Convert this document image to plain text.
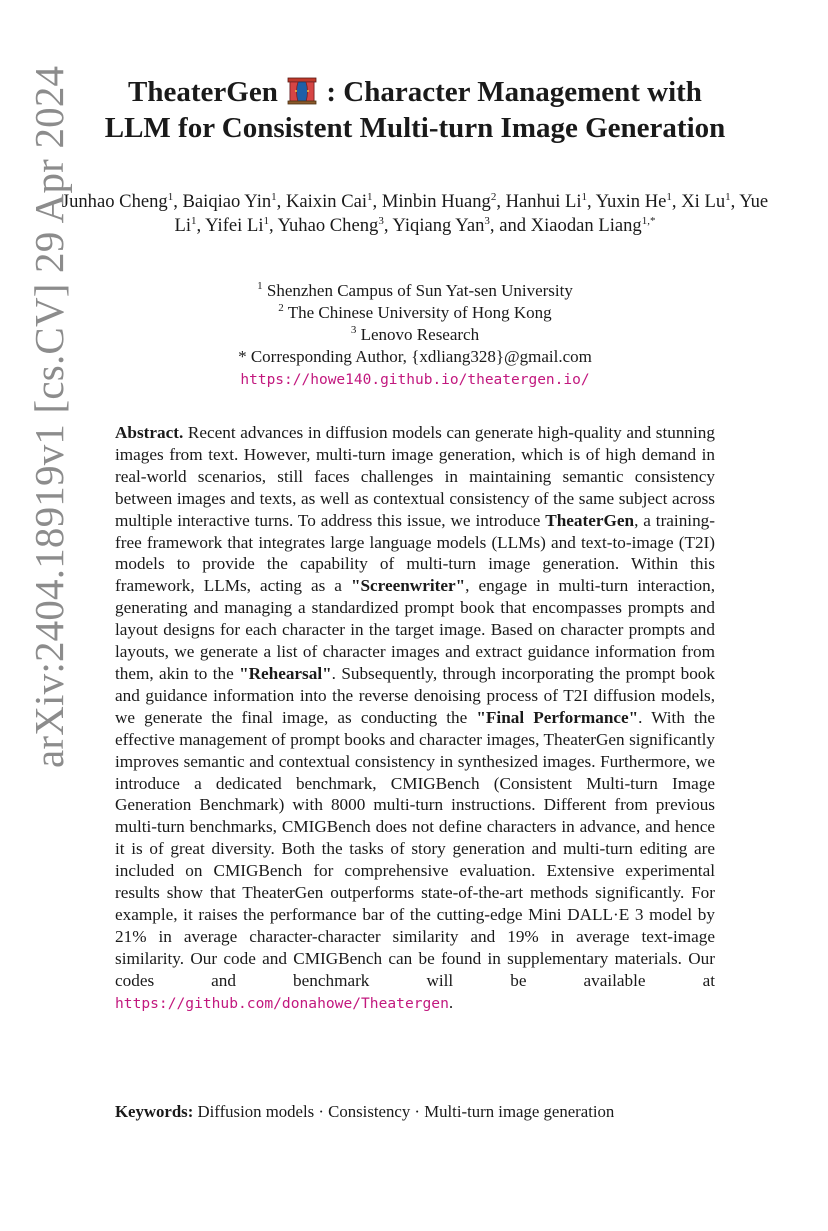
arXiv:2404.18919v1 [cs.CV] 29 Apr 2024	TheaterGen : Character Management with
LLM for Consistent Multi-turn Image Generation
Junhao Cheng$^1$, Baiqiao Yin$^1$, Kaixin Cai$^1$, Minbin Huang$^2$, Hanhui Li$^1$, Yuxin He$^1$, Xi Lu$^1$, Yue Li$^1$, Yifei Li$^1$, Yuhao Cheng$^3$, Yiqiang Yan$^3$, and Xiaodan Liang$^{1,*}$
$^1$ Shenzhen Campus of Sun Yat-sen University
$^2$ The Chinese University of Hong Kong
$^3$ Lenovo Research
* Corresponding Author, {xdliang328}@gmail.com
https://howe140.github.io/theatergen.io/
Abstract. Recent advances in diffusion models can generate high-quality and stunning images from text. However, multi-turn image generation, which is of high demand in real-world scenarios, still faces challenges in maintaining semantic consistency between images and texts, as well as contextual consistency of the same subject across multiple interactive turns. To address this issue, we introduce TheaterGen, a training-free framework that integrates large language models (LLMs) and text-to-image (T2I) models to provide the capability of multi-turn image generation. Within this framework, LLMs, acting as a "Screenwriter", engage in multi-turn interaction, generating and managing a standardized prompt book that encompasses prompts and layout designs for each character in the target image. Based on character prompts and layouts, we generate a list of character images and extract guidance information from them, akin to the "Rehearsal". Subsequently, through incorporating the prompt book and guidance information into the reverse denoising process of T2I diffusion models, we generate the final image, as conducting the "Final Performance". With the effective management of prompt books and character images, TheaterGen significantly improves semantic and contextual consistency in synthesized images. Furthermore, we introduce a dedicated benchmark, CMIGBench (Consistent Multi-turn Image Generation Benchmark) with 8000 multi-turn instructions. Different from previous multi-turn benchmarks, CMIGBench does not define characters in advance, and hence it is of great diversity. Both the tasks of story generation and multi-turn editing are included on CMIGBench for comprehensive evaluation. Extensive experimental results show that TheaterGen outperforms state-of-the-art methods significantly. For example, it raises the performance bar of the cutting-edge Mini DALL·E 3 model by 21% in average character-character similarity and 19% in average text-image similarity. Our code and CMIGBench can be found in supplementary materials. Our codes and benchmark will be available at https://github.com/donahowe/Theatergen.
Keywords: Diffusion models · Consistency · Multi-turn image generation
